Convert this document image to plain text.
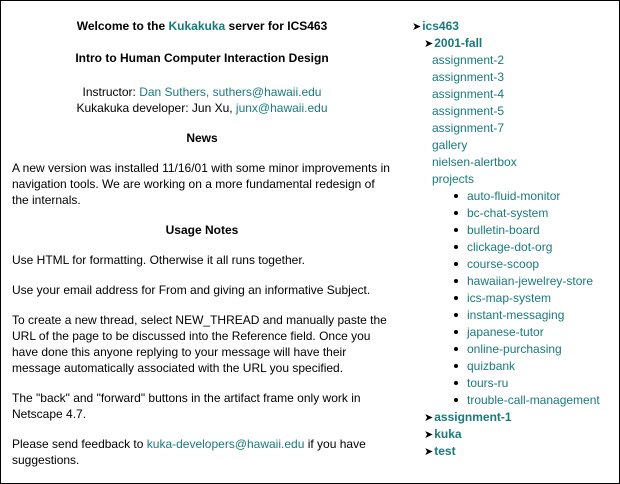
Welcome to the Kukakuka server for ICS463

Intro to Human Computer Interaction Design

Instructor: Dan Suthers, suthers@hawaii.edu

Kukakuka developer: Jun Xu, junx@hawaii.edu

News

A new version was installed 11/16/01 with some minor improvements in navigation tools. We are working on a more fundamental redesign of the internals.

Usage Notes

Use HTML for formatting. Otherwise it all runs together.

Use your email address for From and giving an informative Subject.

To create a new thread, select NEW_THREAD and manually paste the URL of the page to be discussed into the Reference field. Once you have done this anyone replying to your message will have their message automatically associated with the URL you specified.

The "back" and "forward" buttons in the artifact frame only work in Netscape 4.7.

Please send feedback to kuka-developers@hawaii.edu if you have suggestions.

➤ics463
➤2001-fall
assignment-2
assignment-3
assignment-4
assignment-5
assignment-7
gallery
nielsen-alertbox
projects
auto-fluid-monitor
bc-chat-system
bulletin-board
clickage-dot-org
course-scoop
hawaiian-jewelrey-store
ics-map-system
instant-messaging
japanese-tutor
online-purchasing
quizbank
tours-ru
trouble-call-management
➤assignment-1
➤kuka
➤test
